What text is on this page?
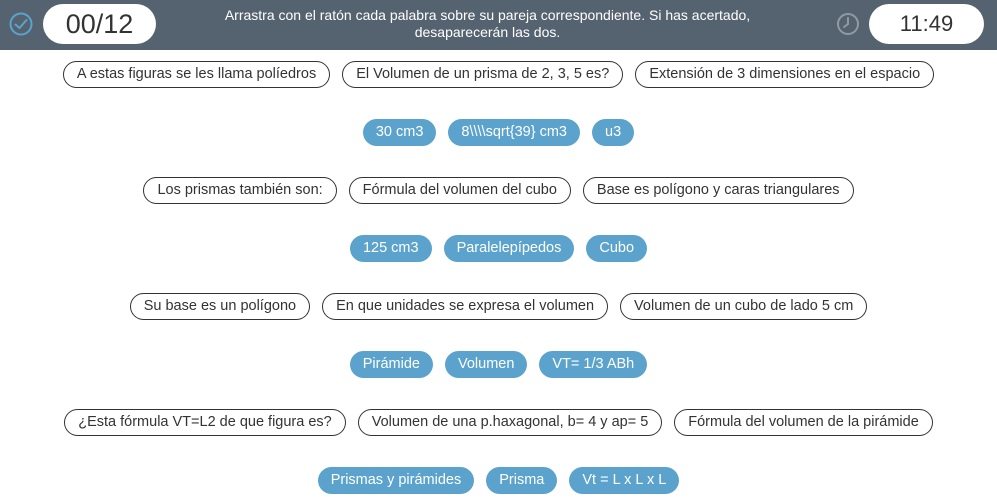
00/12	Arrastra con el ratón cada palabra sobre su pareja correspondiente. Si has acertado, desaparecerán las dos.	11:49
A estas figuras se les llama políedros	El Volumen de un prisma de 2, 3, 5 es?	Extensión de 3 dimensiones en el espacio
30 cm3	8\\\\sqrt{39} cm3	u3
Los prismas también son:	Fórmula del volumen del cubo	Base es polígono y caras triangulares
125 cm3	Paralelepípedos	Cubo
Su base es un polígono	En que unidades se expresa el volumen	Volumen de un cubo de lado 5 cm
Pirámide	Volumen	VT= 1/3 ABh
¿Esta fórmula VT=L2 de que figura es?	Volumen de una p.haxagonal, b= 4 y ap= 5	Fórmula del volumen de la pirámide
Prismas y pirámides	Prisma	Vt = L x L x L
